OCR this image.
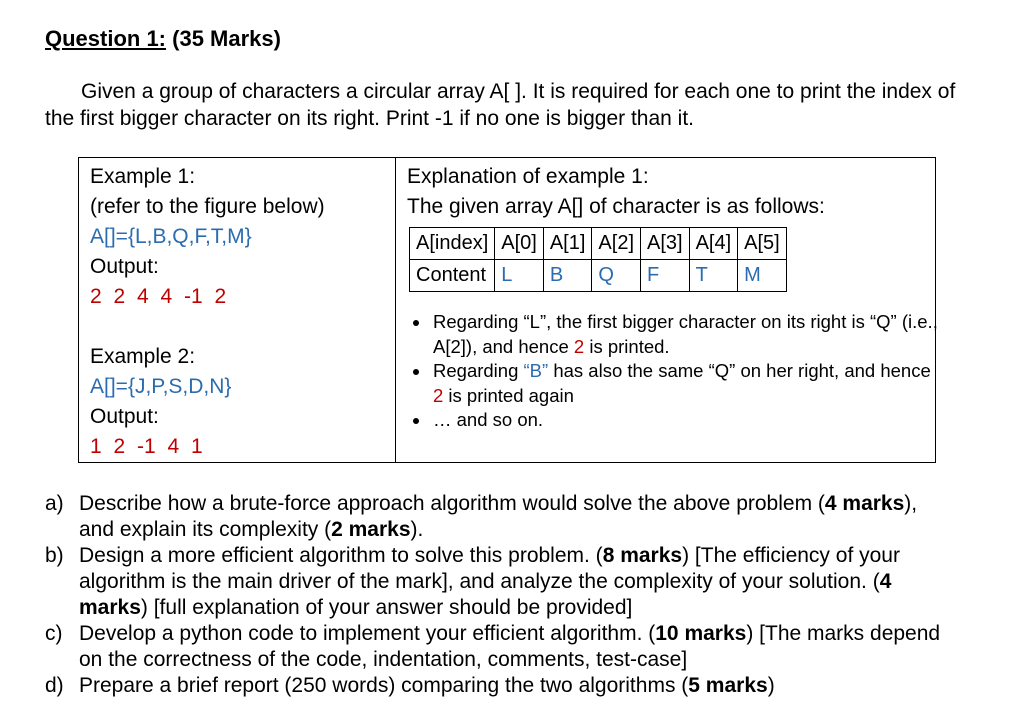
Question 1: (35 Marks)
Given a group of characters a circular array A[ ]. It is required for each one to print the index of the first bigger character on its right. Print -1 if no one is bigger than it.
Example 1:
(refer to the figure below)
A[]={L,B,Q,F,T,M}
Output:
2 2 4 4 -1 2
Example 2:
A[]={J,P,S,D,N}
Output:
1 2 -1 4 1
Explanation of example 1:
The given array A[] of character is as follows:
A[index]	A[0]	A[1]	A[2]	A[3]	A[4]	A[5]
Content	L	B	Q	F	T	M
• Regarding “L”, the first bigger character on its right is “Q” (i.e., A[2]), and hence 2 is printed.
• Regarding “B” has also the same “Q” on her right, and hence 2 is printed again
• … and so on.
a) Describe how a brute-force approach algorithm would solve the above problem (4 marks), and explain its complexity (2 marks).
b) Design a more efficient algorithm to solve this problem. (8 marks) [The efficiency of your algorithm is the main driver of the mark], and analyze the complexity of your solution. (4 marks) [full explanation of your answer should be provided]
c) Develop a python code to implement your efficient algorithm. (10 marks) [The marks depend on the correctness of the code, indentation, comments, test-case]
d) Prepare a brief report (250 words) comparing the two algorithms (5 marks)
